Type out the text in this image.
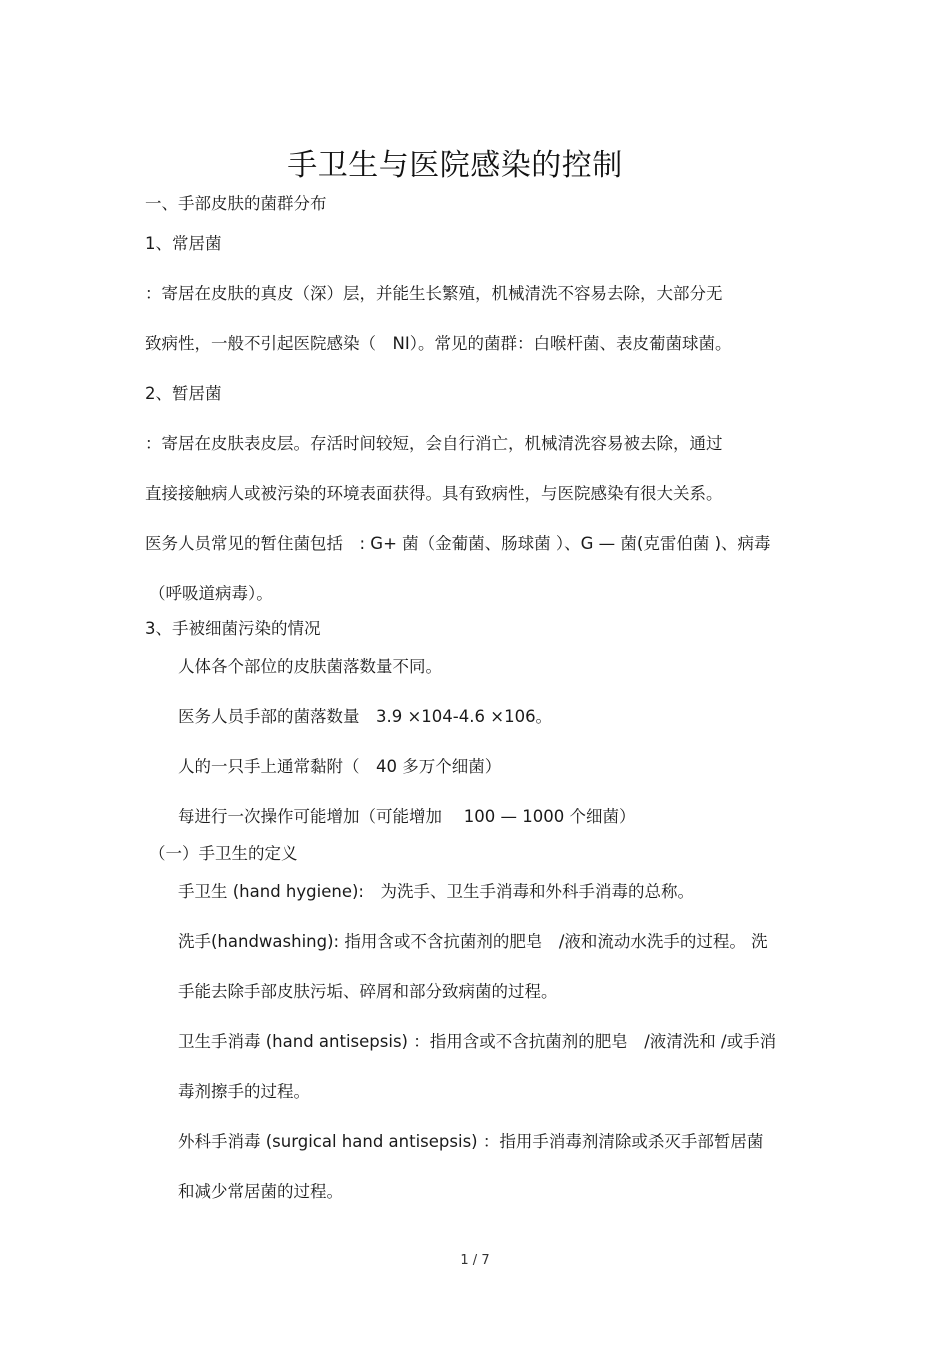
手卫生与医院感染的控制
一、手部皮肤的菌群分布
1、常居菌
：寄居在皮肤的真皮（深）层，并能生长繁殖，机械清洗不容易去除，大部分无
致病性，一般不引起医院感染（　NI）。常见的菌群：白喉杆菌、表皮葡菌球菌。
2、暂居菌
：寄居在皮肤表皮层。存活时间较短，会自行消亡，机械清洗容易被去除，通过
直接接触病人或被污染的环境表面获得。具有致病性，与医院感染有很大关系。
医务人员常见的暂住菌包括　: G+ 菌（金葡菌、肠球菌 ）、G — 菌(克雷伯菌 )、病毒
（呼吸道病毒）。
3、手被细菌污染的情况
人体各个部位的皮肤菌落数量不同。
医务人员手部的菌落数量　3.9 ×104-4.6 ×106。
人的一只手上通常黏附（　40 多万个细菌）
每进行一次操作可能增加（可能增加　 100 — 1000 个细菌）
（一）手卫生的定义
手卫生 (hand hygiene):　为洗手、卫生手消毒和外科手消毒的总称。
洗手(handwashing): 指用含或不含抗菌剂的肥皂　/液和流动水洗手的过程。 洗
手能去除手部皮肤污垢、碎屑和部分致病菌的过程。
卫生手消毒 (hand antisepsis) ：指用含或不含抗菌剂的肥皂　/液清洗和 /或手消
毒剂擦手的过程。
外科手消毒 (surgical hand antisepsis) ：指用手消毒剂清除或杀灭手部暂居菌
和减少常居菌的过程。
1 / 7
